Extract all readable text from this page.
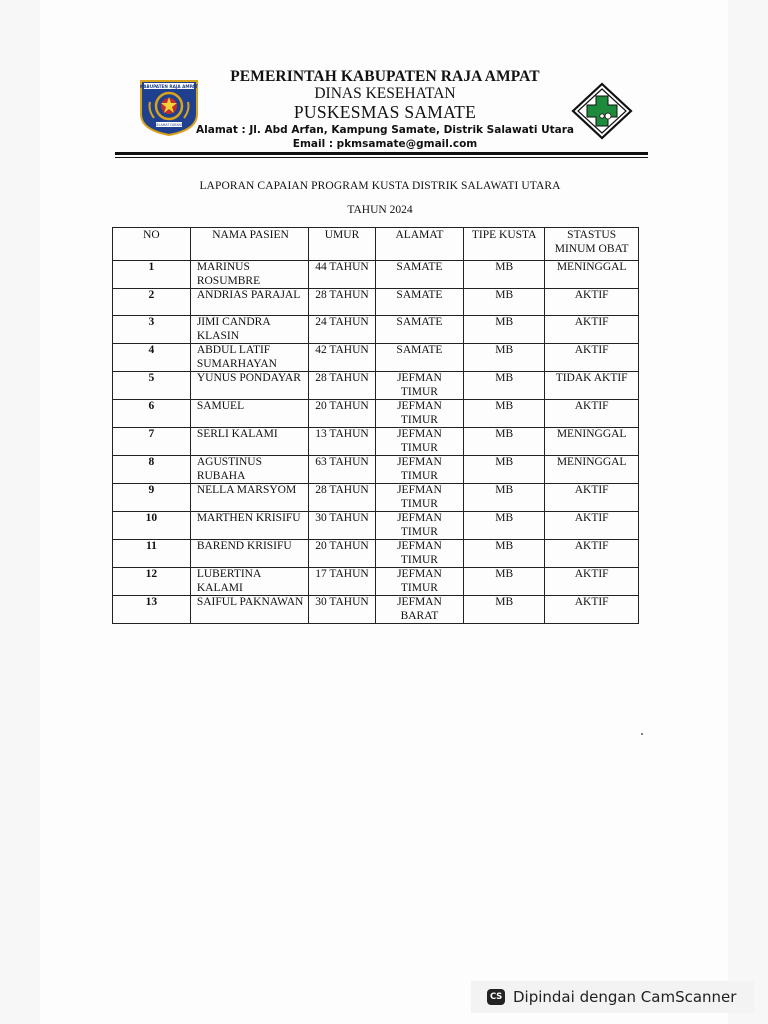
KABUPATEN RAJA AMPAT
SELAMAT DATANG
PEMERINTAH KABUPATEN RAJA AMPAT
DINAS KESEHATAN
PUSKESMAS SAMATE
Alamat : Jl. Abd Arfan, Kampung Samate, Distrik Salawati Utara
Email : pkmsamate@gmail.com
LAPORAN CAPAIAN PROGRAM KUSTA DISTRIK SALAWATI UTARA
TAHUN 2024
NO	NAMA PASIEN	UMUR	ALAMAT	TIPE KUSTA	STASTUS MINUM OBAT
1	MARINUS ROSUMBRE	44 TAHUN	SAMATE	MB	MENINGGAL
2	ANDRIAS PARAJAL	28 TAHUN	SAMATE	MB	AKTIF
3	JIMI CANDRA KLASIN	24 TAHUN	SAMATE	MB	AKTIF
4	ABDUL LATIF SUMARHAYAN	42 TAHUN	SAMATE	MB	AKTIF
5	YUNUS PONDAYAR	28 TAHUN	JEFMAN TIMUR	MB	TIDAK AKTIF
6	SAMUEL	20 TAHUN	JEFMAN TIMUR	MB	AKTIF
7	SERLI KALAMI	13 TAHUN	JEFMAN TIMUR	MB	MENINGGAL
8	AGUSTINUS RUBAHA	63 TAHUN	JEFMAN TIMUR	MB	MENINGGAL
9	NELLA MARSYOM	28 TAHUN	JEFMAN TIMUR	MB	AKTIF
10	MARTHEN KRISIFU	30 TAHUN	JEFMAN TIMUR	MB	AKTIF
11	BAREND KRISIFU	20 TAHUN	JEFMAN TIMUR	MB	AKTIF
12	LUBERTINA KALAMI	17 TAHUN	JEFMAN TIMUR	MB	AKTIF
13	SAIFUL PAKNAWAN	30 TAHUN	JEFMAN BARAT	MB	AKTIF
CS Dipindai dengan CamScanner
